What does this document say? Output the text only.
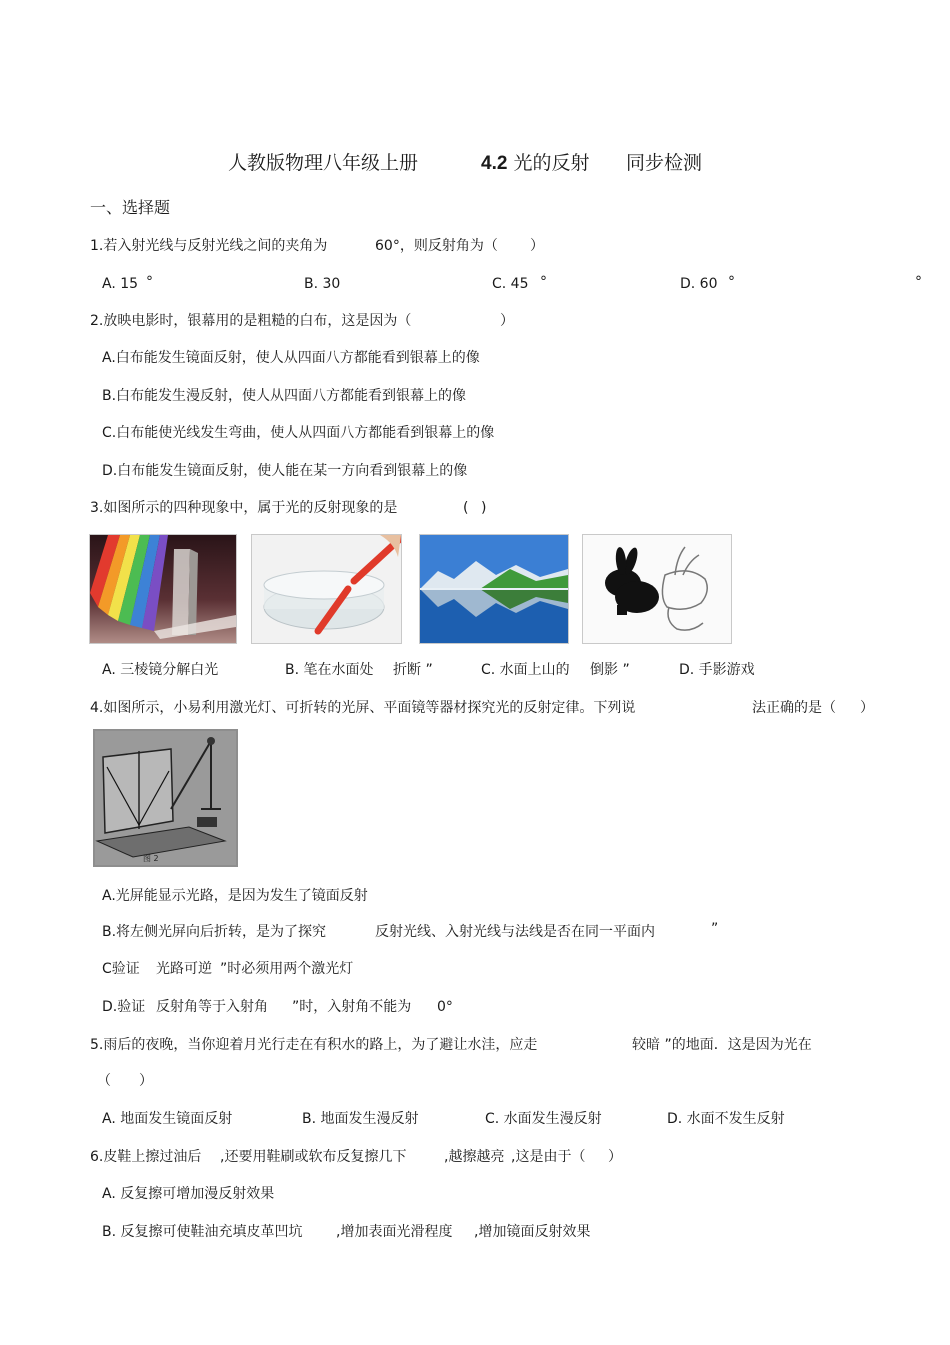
人教版物理八年级上册	4.2 光的反射 同步检测
一、选择题
1.若入射光线与反射光线之间的夹角为	60°，则反射角为（ ）
A. 15 °	B. 30	C. 45 °	D. 60 °	°
2.放映电影时，银幕用的是粗糙的白布，这是因为（	）
A.白布能发生镜面反射，使人从四面八方都能看到银幕上的像
B.白布能发生漫反射，使人从四面八方都能看到银幕上的像
C.白布能使光线发生弯曲，使人从四面八方都能看到银幕上的像
D.白布能发生镜面反射，使人能在某一方向看到银幕上的像
3.如图所示的四种现象中，属于光的反射现象的是	( )
A. 三棱镜分解白光	B. 笔在水面处 折断 ”	C. 水面上山的 倒影 ”	D. 手影游戏
4.如图所示，小易利用激光灯、可折转的光屏、平面镜等器材探究光的反射定律。下列说	法正确的是（ ）
图 2
A.光屏能显示光路，是因为发生了镜面反射
B.将左侧光屏向后折转，是为了探究	反射光线、入射光线与法线是否在同一平面内	”
C验证 光路可逆 ”时必须用两个激光灯
D.验证 反射角等于入射角 ”时，入射角不能为 0°
5.雨后的夜晚，当你迎着月光行走在有积水的路上，为了避让水洼，应走	较暗 ”的地面．这是因为光在
（ ）
A. 地面发生镜面反射	B. 地面发生漫反射	C. 水面发生漫反射	D. 水面不发生反射
6.皮鞋上擦过油后 ,还要用鞋刷或软布反复擦几下	,越擦越亮 ,这是由于（ ）
A. 反复擦可增加漫反射效果
B. 反复擦可使鞋油充填皮革凹坑 ,增加表面光滑程度 ,增加镜面反射效果
